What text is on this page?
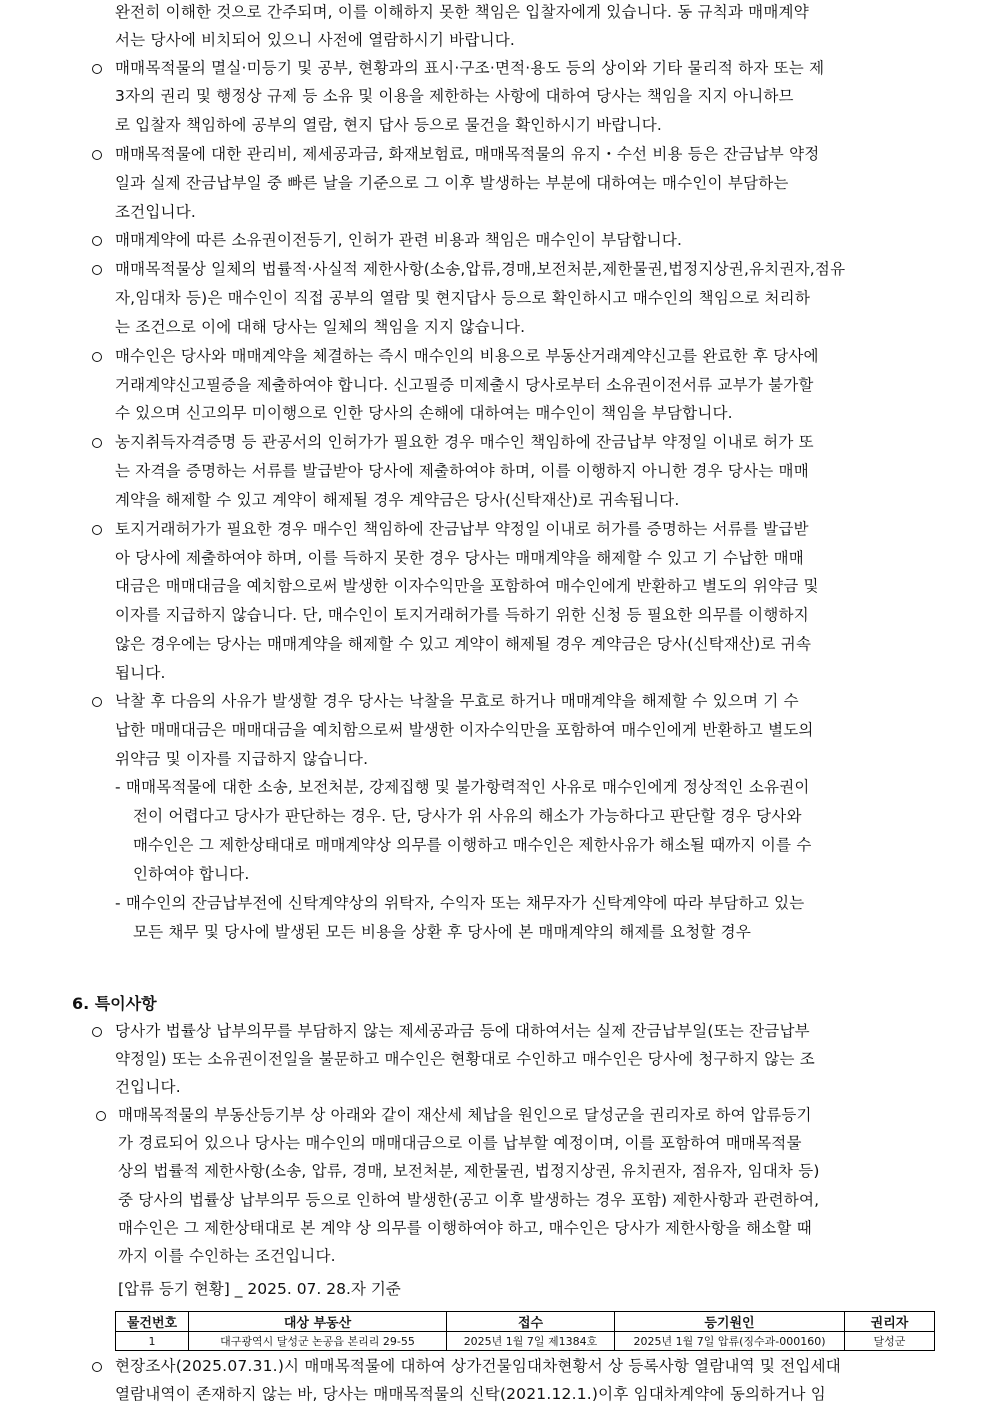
완전히 이해한 것으로 간주되며, 이를 이해하지 못한 책임은 입찰자에게 있습니다. 동 규칙과 매매계약
서는 당사에 비치되어 있으니 사전에 열람하시기 바랍니다.
매매목적물의 멸실·미등기 및 공부, 현황과의 표시·구조·면적·용도 등의 상이와 기타 물리적 하자 또는 제
3자의 권리 및 행정상 규제 등 소유 및 이용을 제한하는 사항에 대하여 당사는 책임을 지지 아니하므
로 입찰자 책임하에 공부의 열람, 현지 답사 등으로 물건을 확인하시기 바랍니다.
매매목적물에 대한 관리비, 제세공과금, 화재보험료, 매매목적물의 유지・수선 비용 등은 잔금납부 약정
일과 실제 잔금납부일 중 빠른 날을 기준으로 그 이후 발생하는 부분에 대하여는 매수인이 부담하는
조건입니다.
매매계약에 따른 소유권이전등기, 인허가 관련 비용과 책임은 매수인이 부담합니다.
매매목적물상 일체의 법률적·사실적 제한사항(소송,압류,경매,보전처분,제한물권,법정지상권,유치권자,점유
자,임대차 등)은 매수인이 직접 공부의 열람 및 현지답사 등으로 확인하시고 매수인의 책임으로 처리하
는 조건으로 이에 대해 당사는 일체의 책임을 지지 않습니다.
매수인은 당사와 매매계약을 체결하는 즉시 매수인의 비용으로 부동산거래계약신고를 완료한 후 당사에
거래계약신고필증을 제출하여야 합니다. 신고필증 미제출시 당사로부터 소유권이전서류 교부가 불가할
수 있으며 신고의무 미이행으로 인한 당사의 손해에 대하여는 매수인이 책임을 부담합니다.
농지취득자격증명 등 관공서의 인허가가 필요한 경우 매수인 책임하에 잔금납부 약정일 이내로 허가 또
는 자격을 증명하는 서류를 발급받아 당사에 제출하여야 하며, 이를 이행하지 아니한 경우 당사는 매매
계약을 해제할 수 있고 계약이 해제될 경우 계약금은 당사(신탁재산)로 귀속됩니다.
토지거래허가가 필요한 경우 매수인 책임하에 잔금납부 약정일 이내로 허가를 증명하는 서류를 발급받
아 당사에 제출하여야 하며, 이를 득하지 못한 경우 당사는 매매계약을 해제할 수 있고 기 수납한 매매
대금은 매매대금을 예치함으로써 발생한 이자수익만을 포함하여 매수인에게 반환하고 별도의 위약금 및
이자를 지급하지 않습니다. 단, 매수인이 토지거래허가를 득하기 위한 신청 등 필요한 의무를 이행하지
않은 경우에는 당사는 매매계약을 해제할 수 있고 계약이 해제될 경우 계약금은 당사(신탁재산)로 귀속
됩니다.
낙찰 후 다음의 사유가 발생할 경우 당사는 낙찰을 무효로 하거나 매매계약을 해제할 수 있으며 기 수
납한 매매대금은 매매대금을 예치함으로써 발생한 이자수익만을 포함하여 매수인에게 반환하고 별도의
위약금 및 이자를 지급하지 않습니다.
- 매매목적물에 대한 소송, 보전처분, 강제집행 및 불가항력적인 사유로 매수인에게 정상적인 소유권이
전이 어렵다고 당사가 판단하는 경우. 단, 당사가 위 사유의 해소가 가능하다고 판단할 경우 당사와
매수인은 그 제한상태대로 매매계약상 의무를 이행하고 매수인은 제한사유가 해소될 때까지 이를 수
인하여야 합니다.
- 매수인의 잔금납부전에 신탁계약상의 위탁자, 수익자 또는 채무자가 신탁계약에 따라 부담하고 있는
모든 채무 및 당사에 발생된 모든 비용을 상환 후 당사에 본 매매계약의 해제를 요청할 경우
6. 특이사항
당사가 법률상 납부의무를 부담하지 않는 제세공과금 등에 대하여서는 실제 잔금납부일(또는 잔금납부
약정일) 또는 소유권이전일을 불문하고 매수인은 현황대로 수인하고 매수인은 당사에 청구하지 않는 조
건입니다.
매매목적물의 부동산등기부 상 아래와 같이 재산세 체납을 원인으로 달성군을 권리자로 하여 압류등기
가 경료되어 있으나 당사는 매수인의 매매대금으로 이를 납부할 예정이며, 이를 포함하여 매매목적물
상의 법률적 제한사항(소송, 압류, 경매, 보전처분, 제한물권, 법정지상권, 유치권자, 점유자, 임대차 등)
중 당사의 법률상 납부의무 등으로 인하여 발생한(공고 이후 발생하는 경우 포함) 제한사항과 관련하여,
매수인은 그 제한상태대로 본 계약 상 의무를 이행하여야 하고, 매수인은 당사가 제한사항을 해소할 때
까지 이를 수인하는 조건입니다.
[압류 등기 현황] _ 2025. 07. 28.자 기준
물건번호	대상 부동산	접수	등기원인	권리자
1	대구광역시 달성군 논공읍 본리리 29-55	2025년 1월 7일 제1384호	2025년 1월 7일 압류(징수과-000160)	달성군
현장조사(2025.07.31.)시 매매목적물에 대하여 상가건물임대차현황서 상 등록사항 열람내역 및 전입세대
열람내역이 존재하지 않는 바, 당사는 매매목적물의 신탁(2021.12.1.)이후 임대차계약에 동의하거나 임
